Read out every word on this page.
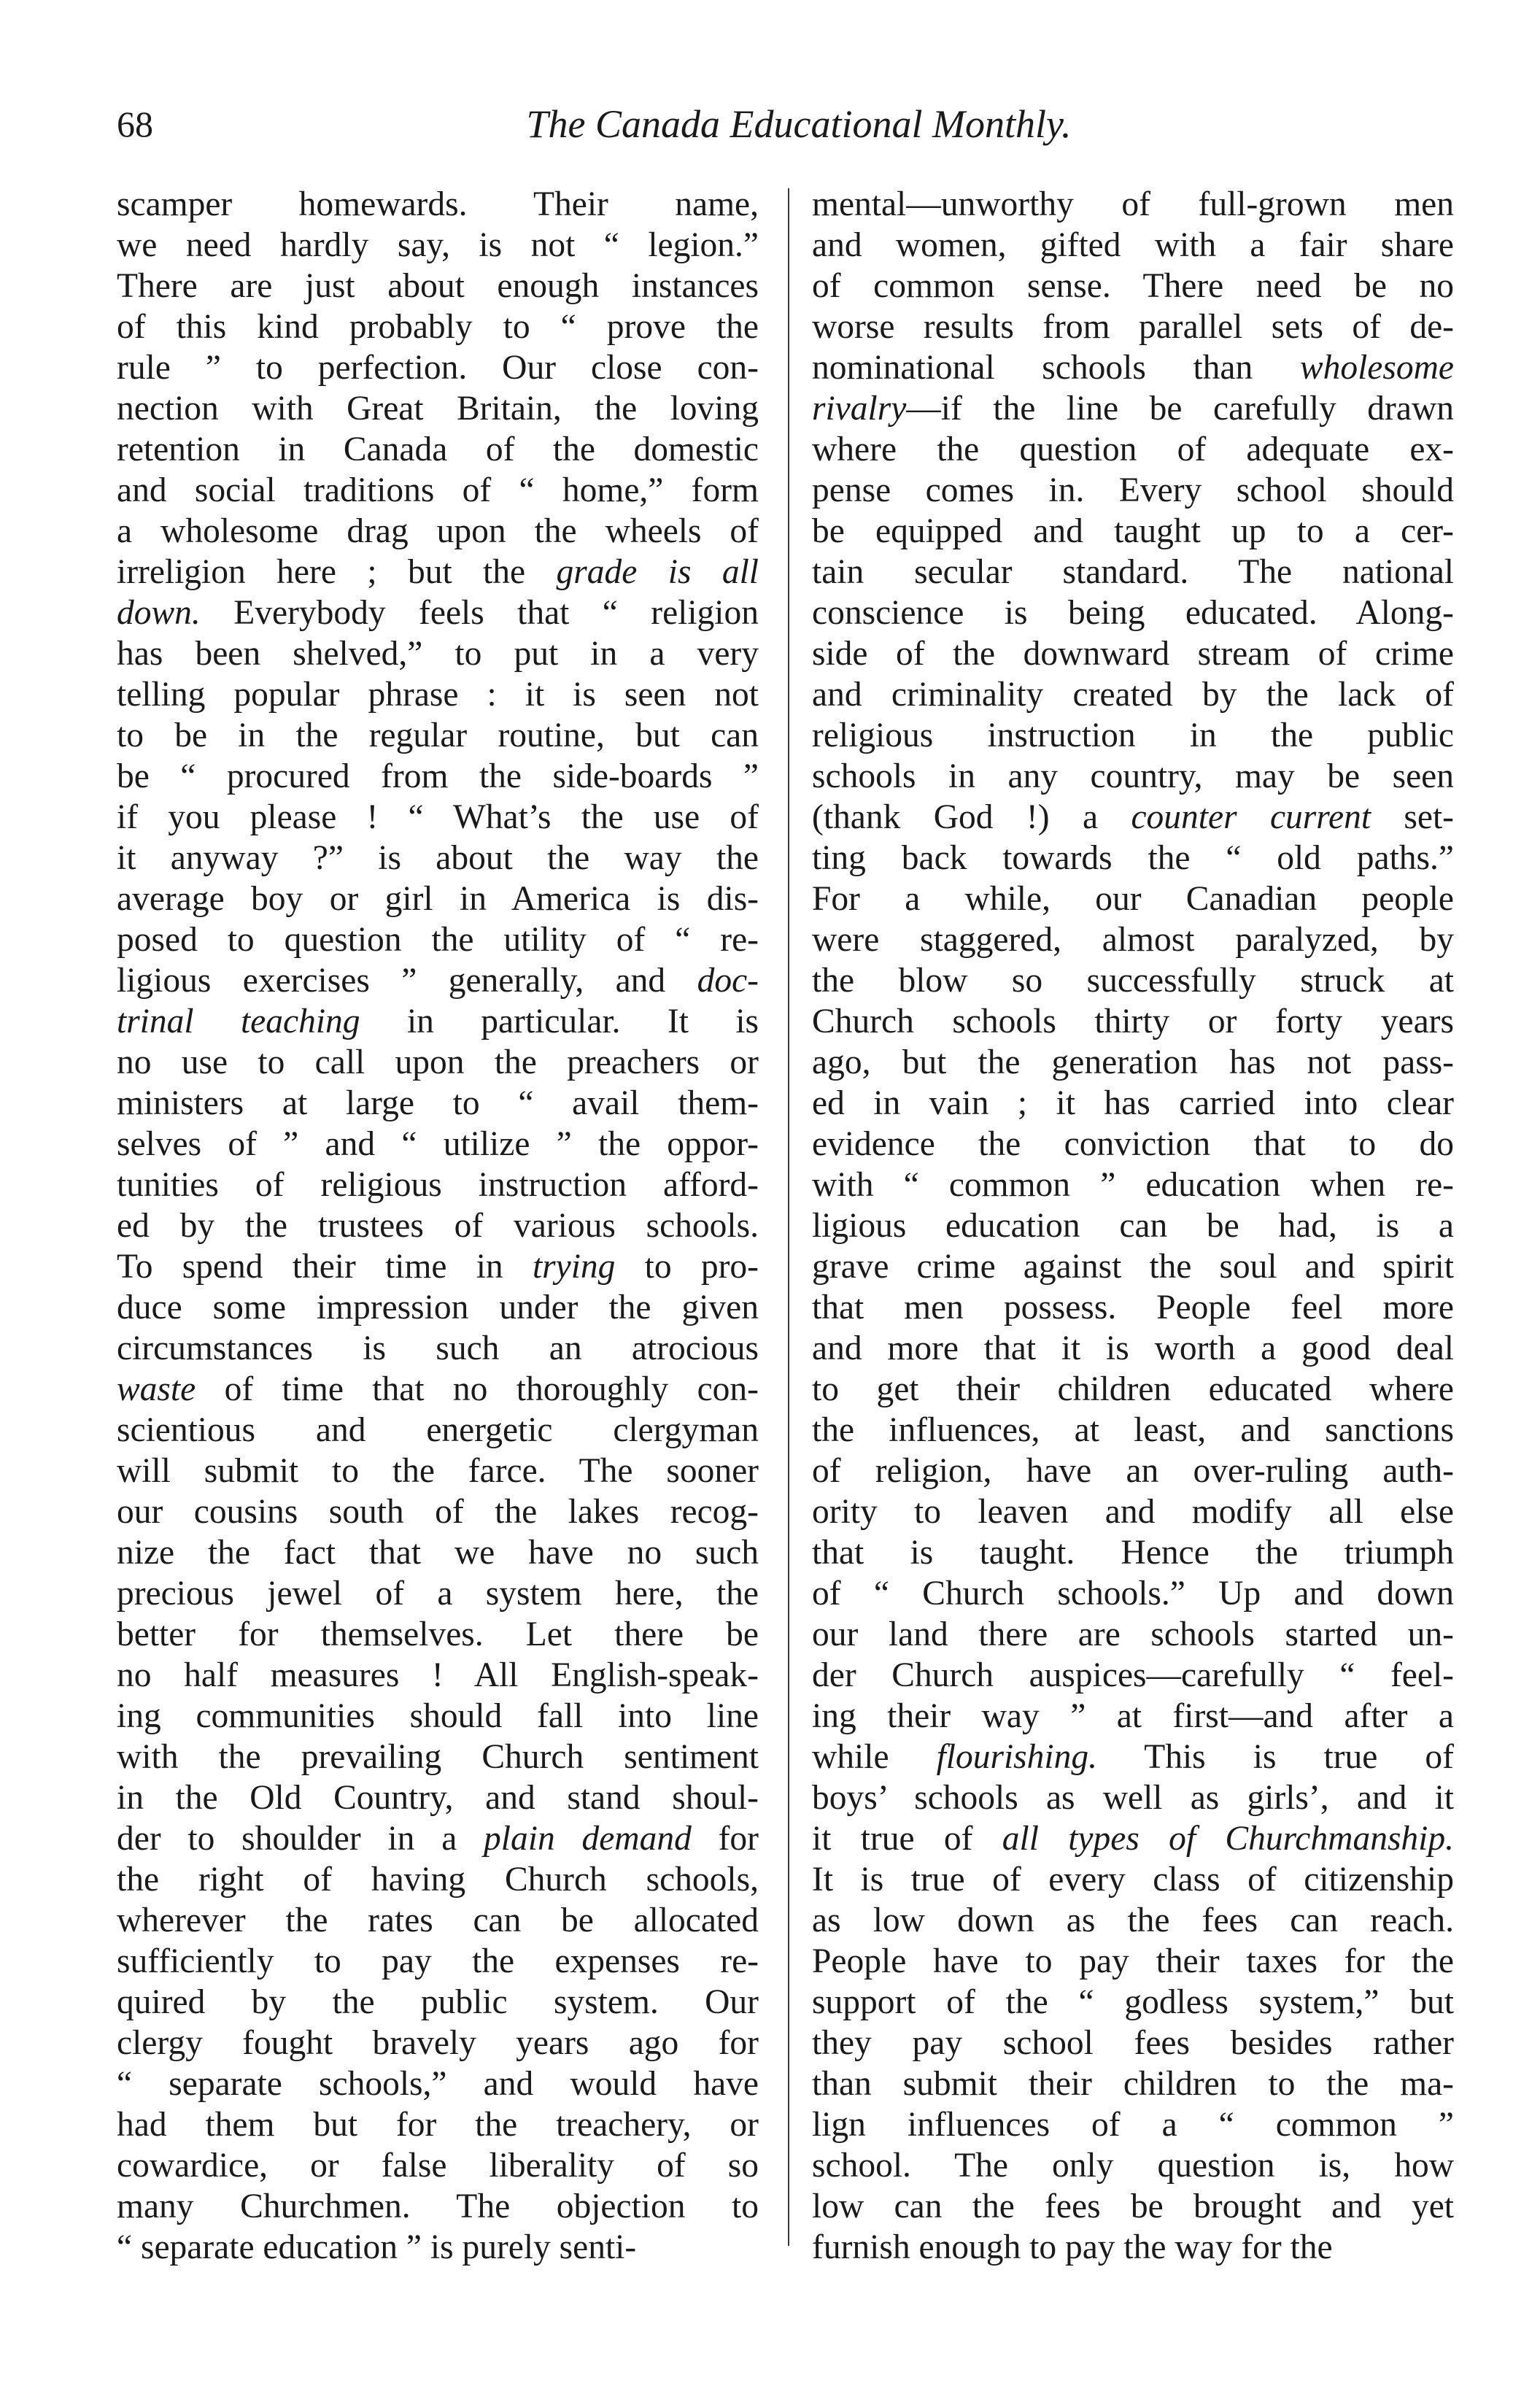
68	The Canada Educational Monthly.
scamper homewards. Their name,
we need hardly say, is not “ legion.”
There are just about enough instances
of this kind probably to “ prove the
rule ” to perfection. Our close con-
nection with Great Britain, the loving
retention in Canada of the domestic
and social traditions of “ home,” form
a wholesome drag upon the wheels of
irreligion here ; but the grade is all
down. Everybody feels that “ religion
has been shelved,” to put in a very
telling popular phrase : it is seen not
to be in the regular routine, but can
be “ procured from the side-boards ”
if you please ! “ What’s the use of
it anyway ?” is about the way the
average boy or girl in America is dis-
posed to question the utility of “ re-
ligious exercises ” generally, and doc-
trinal teaching in particular. It is
no use to call upon the preachers or
ministers at large to “ avail them-
selves of ” and “ utilize ” the oppor-
tunities of religious instruction afford-
ed by the trustees of various schools.
To spend their time in trying to pro-
duce some impression under the given
circumstances is such an atrocious
waste of time that no thoroughly con-
scientious and energetic clergyman
will submit to the farce. The sooner
our cousins south of the lakes recog-
nize the fact that we have no such
precious jewel of a system here, the
better for themselves. Let there be
no half measures ! All English-speak-
ing communities should fall into line
with the prevailing Church sentiment
in the Old Country, and stand shoul-
der to shoulder in a plain demand for
the right of having Church schools,
wherever the rates can be allocated
sufficiently to pay the expenses re-
quired by the public system. Our
clergy fought bravely years ago for
“ separate schools,” and would have
had them but for the treachery, or
cowardice, or false liberality of so
many Churchmen. The objection to
“ separate education ” is purely senti-
mental—unworthy of full-grown men
and women, gifted with a fair share
of common sense. There need be no
worse results from parallel sets of de-
nominational schools than wholesome
rivalry—if the line be carefully drawn
where the question of adequate ex-
pense comes in. Every school should
be equipped and taught up to a cer-
tain secular standard. The national
conscience is being educated. Along-
side of the downward stream of crime
and criminality created by the lack of
religious instruction in the public
schools in any country, may be seen
(thank God !) a counter current set-
ting back towards the “ old paths.”
For a while, our Canadian people
were staggered, almost paralyzed, by
the blow so successfully struck at
Church schools thirty or forty years
ago, but the generation has not pass-
ed in vain ; it has carried into clear
evidence the conviction that to do
with “ common ” education when re-
ligious education can be had, is a
grave crime against the soul and spirit
that men possess. People feel more
and more that it is worth a good deal
to get their children educated where
the influences, at least, and sanctions
of religion, have an over-ruling auth-
ority to leaven and modify all else
that is taught. Hence the triumph
of “ Church schools.” Up and down
our land there are schools started un-
der Church auspices—carefully “ feel-
ing their way ” at first—and after a
while flourishing. This is true of
boys’ schools as well as girls’, and it
it true of all types of Churchmanship.
It is true of every class of citizenship
as low down as the fees can reach.
People have to pay their taxes for the
support of the “ godless system,” but
they pay school fees besides rather
than submit their children to the ma-
lign influences of a “ common ”
school. The only question is, how
low can the fees be brought and yet
furnish enough to pay the way for the
